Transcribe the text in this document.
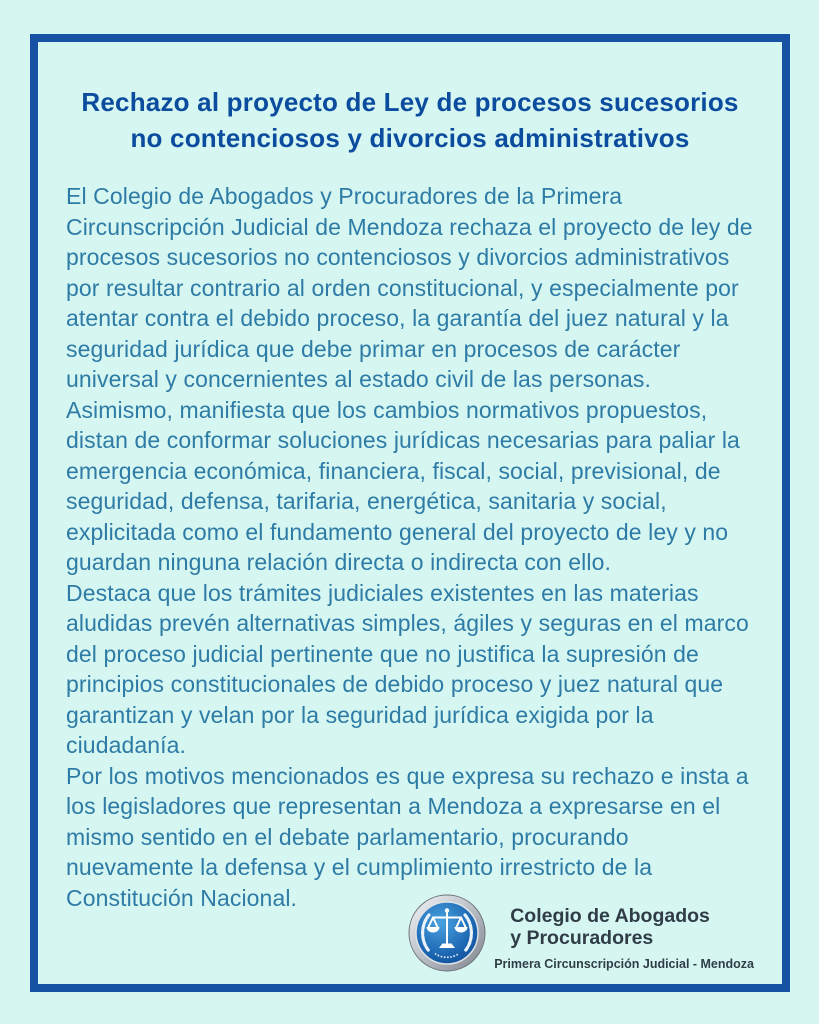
Rechazo al proyecto de Ley de procesos sucesorios
no contenciosos y divorcios administrativos

El Colegio de Abogados y Procuradores de la Primera Circunscripción Judicial de Mendoza rechaza el proyecto de ley de procesos sucesorios no contenciosos y divorcios administrativos por resultar contrario al orden constitucional, y especialmente por atentar contra el debido proceso, la garantía del juez natural y la seguridad jurídica que debe primar en procesos de carácter universal y concernientes al estado civil de las personas.

Asimismo, manifiesta que los cambios normativos propuestos, distan de conformar soluciones jurídicas necesarias para paliar la emergencia económica, financiera, fiscal, social, previsional, de seguridad, defensa, tarifaria, energética, sanitaria y social, explicitada como el fundamento general del proyecto de ley y no guardan ninguna relación directa o indirecta con ello.

Destaca que los trámites judiciales existentes en las materias aludidas prevén alternativas simples, ágiles y seguras en el marco del proceso judicial pertinente que no justifica la supresión de principios constitucionales de debido proceso y juez natural que garantizan y velan por la seguridad jurídica exigida por la ciudadanía.

Por los motivos mencionados es que expresa su rechazo e insta a los legisladores que representan a Mendoza a expresarse en el mismo sentido en el debate parlamentario, procurando nuevamente la defensa y el cumplimiento irrestricto de la Constitución Nacional.

Colegio de Abogados
y Procuradores
Primera Circunscripción Judicial - Mendoza
